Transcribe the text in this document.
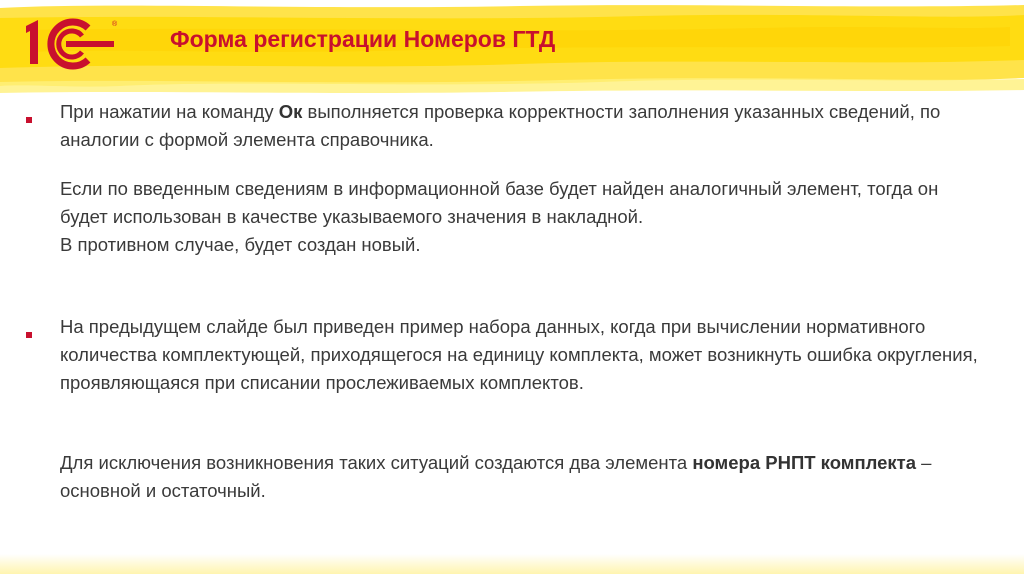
®
Форма регистрации Номеров ГТД
При нажатии на команду Ок выполняется проверка корректности заполнения указанных сведений, по аналогии с формой элемента справочника.
Если по введенным сведениям в информационной базе будет найден аналогичный элемент, тогда он будет использован в качестве указываемого значения в накладной.
В противном случае, будет создан новый.
На предыдущем слайде был приведен пример набора данных, когда при вычислении нормативного количества комплектующей, приходящегося на единицу комплекта, может возникнуть ошибка округления, проявляющаяся при списании прослеживаемых комплектов.
Для исключения возникновения таких ситуаций создаются два элемента номера РНПТ комплекта – основной и остаточный.
